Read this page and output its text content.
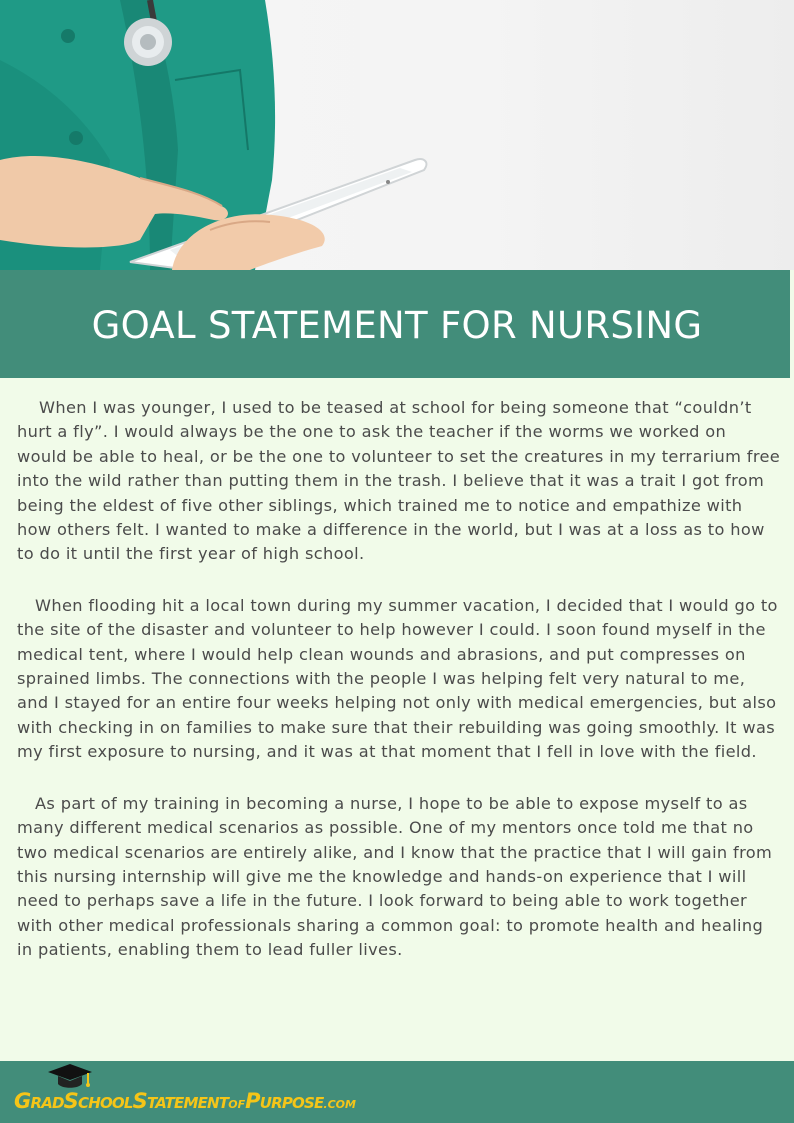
GOAL STATEMENT FOR NURSING

When I was younger, I used to be teased at school for being someone that “couldn’t hurt a fly”. I would always be the one to ask the teacher if the worms we worked on would be able to heal, or be the one to volunteer to set the creatures in my terrarium free into the wild rather than putting them in the trash. I believe that it was a trait I got from being the eldest of five other siblings, which trained me to notice and empathize with how others felt. I wanted to make a difference in the world, but I was at a loss as to how to do it until the first year of high school.

When flooding hit a local town during my summer vacation, I decided that I would go to the site of the disaster and volunteer to help however I could. I soon found myself in the medical tent, where I would help clean wounds and abrasions, and put compresses on sprained limbs. The connections with the people I was helping felt very natural to me, and I stayed for an entire four weeks helping not only with medical emergencies, but also with checking in on families to make sure that their rebuilding was going smoothly. It was my first exposure to nursing, and it was at that moment that I fell in love with the field.

As part of my training in becoming a nurse, I hope to be able to expose myself to as many different medical scenarios as possible. One of my mentors once told me that no two medical scenarios are entirely alike, and I know that the practice that I will gain from this nursing internship will give me the knowledge and hands-on experience that I will need to perhaps save a life in the future. I look forward to being able to work together with other medical professionals sharing a common goal: to promote health and healing in patients, enabling them to lead fuller lives.

GRADSCHOOLSTATEMENTOFPURPOSE.COM
